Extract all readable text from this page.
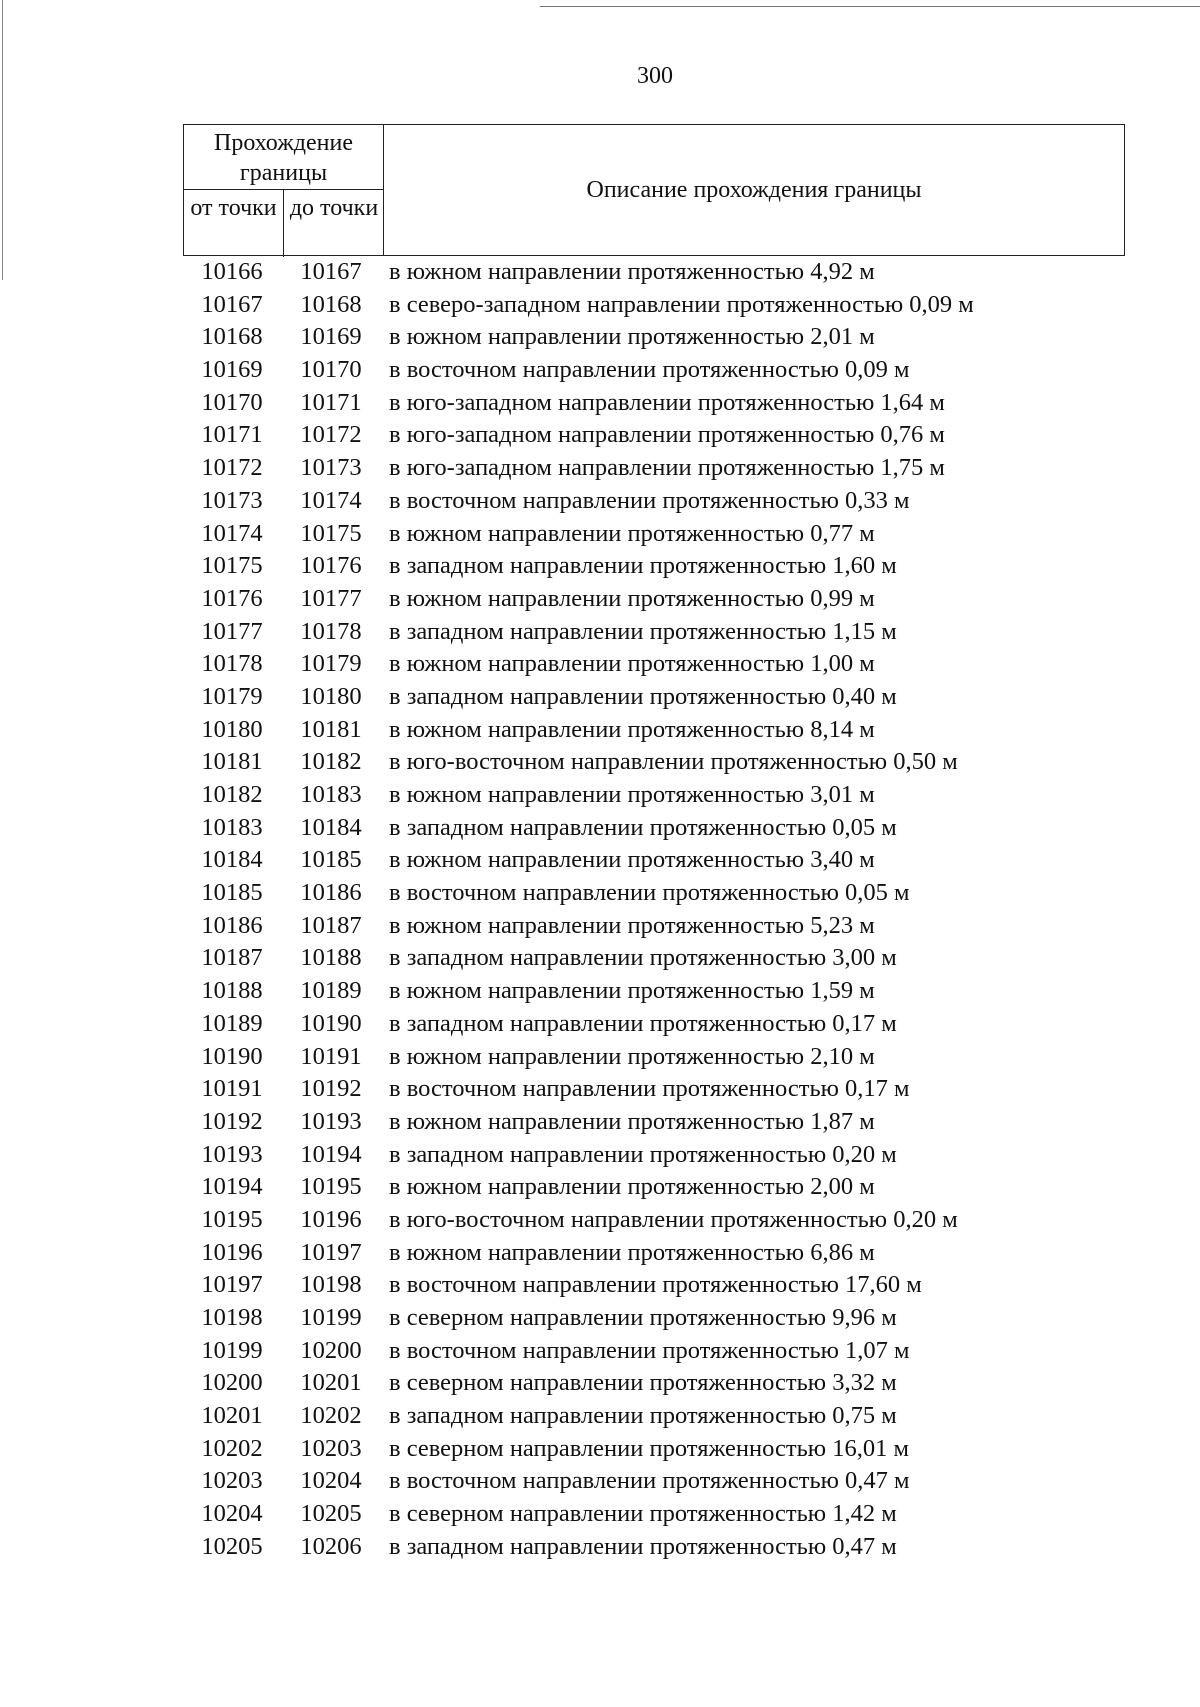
300
Прохождение границы
от точки до точки
Описание прохождения границы
10166	10167	в южном направлении протяженностью 4,92 м
10167	10168	в северо-западном направлении протяженностью 0,09 м
10168	10169	в южном направлении протяженностью 2,01 м
10169	10170	в восточном направлении протяженностью 0,09 м
10170	10171	в юго-западном направлении протяженностью 1,64 м
10171	10172	в юго-западном направлении протяженностью 0,76 м
10172	10173	в юго-западном направлении протяженностью 1,75 м
10173	10174	в восточном направлении протяженностью 0,33 м
10174	10175	в южном направлении протяженностью 0,77 м
10175	10176	в западном направлении протяженностью 1,60 м
10176	10177	в южном направлении протяженностью 0,99 м
10177	10178	в западном направлении протяженностью 1,15 м
10178	10179	в южном направлении протяженностью 1,00 м
10179	10180	в западном направлении протяженностью 0,40 м
10180	10181	в южном направлении протяженностью 8,14 м
10181	10182	в юго-восточном направлении протяженностью 0,50 м
10182	10183	в южном направлении протяженностью 3,01 м
10183	10184	в западном направлении протяженностью 0,05 м
10184	10185	в южном направлении протяженностью 3,40 м
10185	10186	в восточном направлении протяженностью 0,05 м
10186	10187	в южном направлении протяженностью 5,23 м
10187	10188	в западном направлении протяженностью 3,00 м
10188	10189	в южном направлении протяженностью 1,59 м
10189	10190	в западном направлении протяженностью 0,17 м
10190	10191	в южном направлении протяженностью 2,10 м
10191	10192	в восточном направлении протяженностью 0,17 м
10192	10193	в южном направлении протяженностью 1,87 м
10193	10194	в западном направлении протяженностью 0,20 м
10194	10195	в южном направлении протяженностью 2,00 м
10195	10196	в юго-восточном направлении протяженностью 0,20 м
10196	10197	в южном направлении протяженностью 6,86 м
10197	10198	в восточном направлении протяженностью 17,60 м
10198	10199	в северном направлении протяженностью 9,96 м
10199	10200	в восточном направлении протяженностью 1,07 м
10200	10201	в северном направлении протяженностью 3,32 м
10201	10202	в западном направлении протяженностью 0,75 м
10202	10203	в северном направлении протяженностью 16,01 м
10203	10204	в восточном направлении протяженностью 0,47 м
10204	10205	в северном направлении протяженностью 1,42 м
10205	10206	в западном направлении протяженностью 0,47 м
